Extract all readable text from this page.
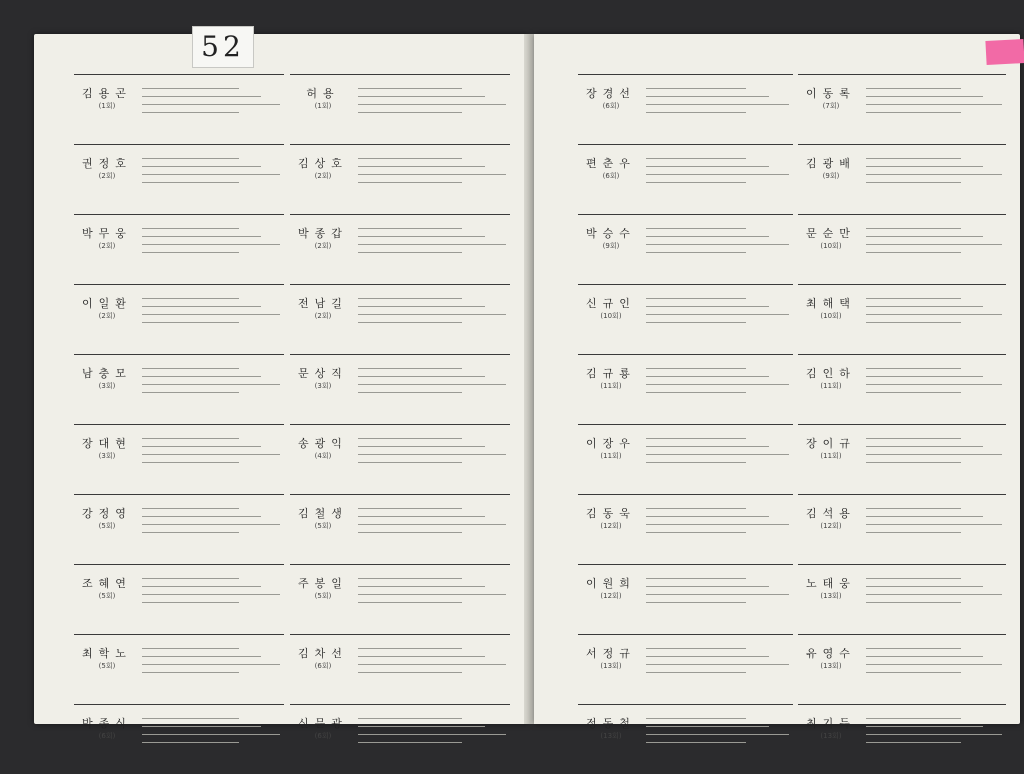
52
김용곤
(1회)
권정호
(2회)
박무웅
(2회)
이일환
(2회)
남충모
(3회)
장대현
(3회)
강정영
(5회)
조혜연
(5회)
최학노
(5회)
박종식
(6회)
허용
(1회)
김상호
(2회)
박종갑
(2회)
전남길
(2회)
문상직
(3회)
송광익
(4회)
김철생
(5회)
주봉일
(5회)
김차선
(6회)
신문광
(6회)
장경선
(6회)
편춘우
(6회)
박승수
(9회)
신규인
(10회)
김규룡
(11회)
이장우
(11회)
김동욱
(12회)
이원희
(12회)
서정규
(13회)
정동철
(13회)
이동록
(7회)
김광배
(9회)
문순만
(10회)
최해택
(10회)
김인하
(11회)
장이규
(11회)
김석용
(12회)
노태웅
(13회)
유영수
(13회)
최기득
(13회)
